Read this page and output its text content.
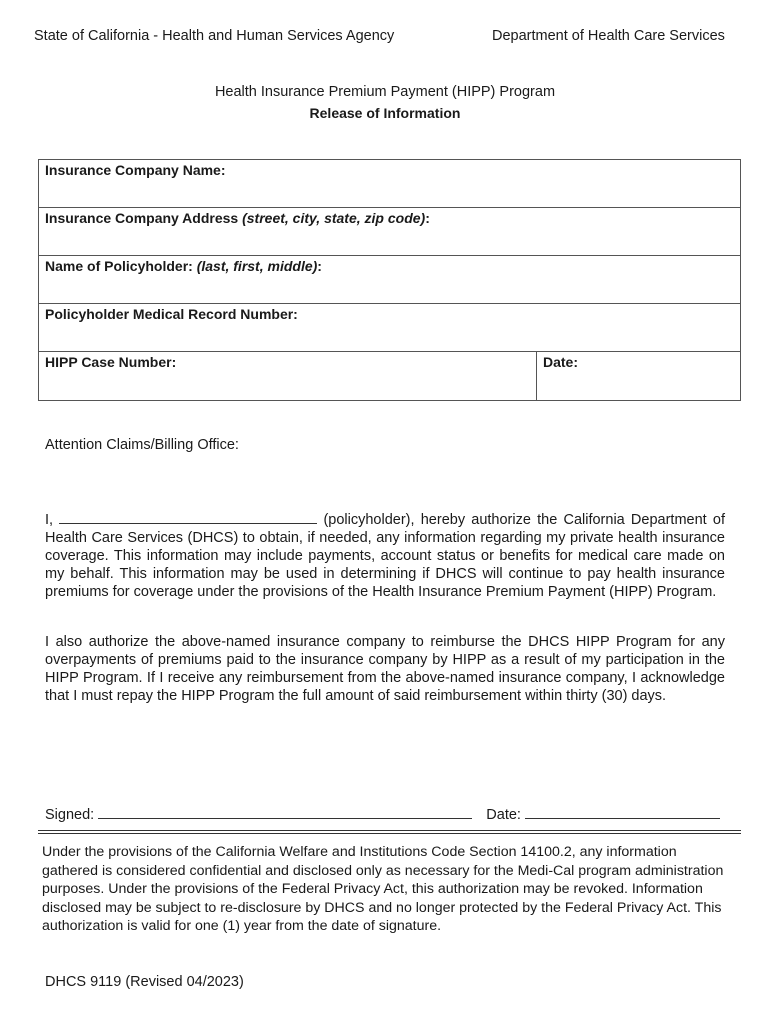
State of California - Health and Human Services Agency	Department of Health Care Services
Health Insurance Premium Payment (HIPP) Program
Release of Information
Insurance Company Name:
Insurance Company Address (street, city, state, zip code):
Name of Policyholder: (last, first, middle):
Policyholder Medical Record Number:
HIPP Case Number:	Date:
Attention Claims/Billing Office:
I,	(policyholder), hereby authorize the California Department of Health Care Services (DHCS) to obtain, if needed, any information regarding my private health insurance coverage. This information may include payments, account status or benefits for medical care made on my behalf. This information may be used in determining if DHCS will continue to pay health insurance premiums for coverage under the provisions of the Health Insurance Premium Payment (HIPP) Program.
I also authorize the above-named insurance company to reimburse the DHCS HIPP Program for any overpayments of premiums paid to the insurance company by HIPP as a result of my participation in the HIPP Program. If I receive any reimbursement from the above-named insurance company, I acknowledge that I must repay the HIPP Program the full amount of said reimbursement within thirty (30) days.
Signed:	Date:
Under the provisions of the California Welfare and Institutions Code Section 14100.2, any information gathered is considered confidential and disclosed only as necessary for the Medi-Cal program administration purposes. Under the provisions of the Federal Privacy Act, this authorization may be revoked. Information disclosed may be subject to re-disclosure by DHCS and no longer protected by the Federal Privacy Act. This authorization is valid for one (1) year from the date of signature.
DHCS 9119 (Revised 04/2023)
